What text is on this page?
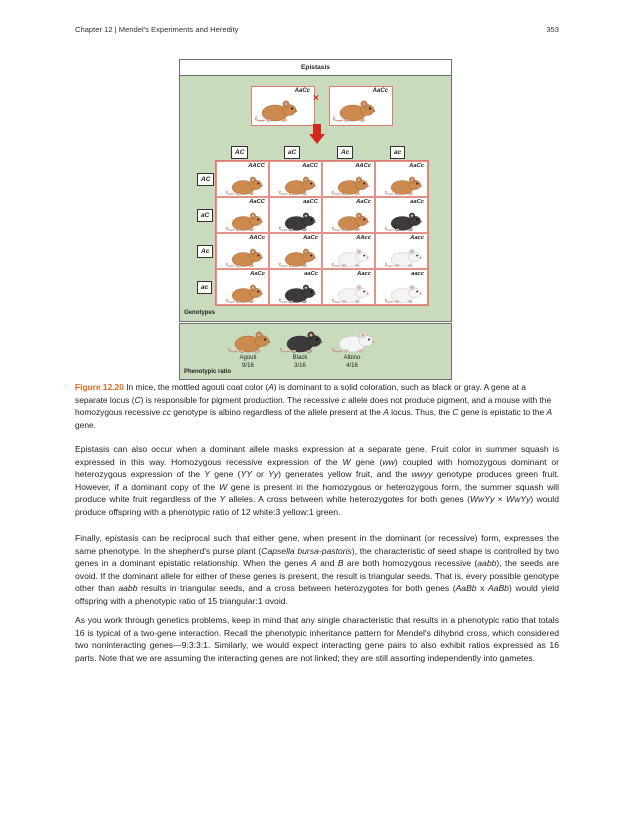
Chapter 12 | Mendel's Experiments and Heredity	353
Epistasis
AaCc
×
AaCc
AC	aC	Ac	ac
AC
aC
Ac
ac
AACC	AaCC	AACc	AaCc
AaCC	aaCC	AaCc	aaCc
AACc	AaCc	AAcc	Aacc
AaCc	aaCc	Aacc	aacc
Genotypes
Agouti
9/16
Black
3/16
Albino
4/16
Phenotypic ratio
Figure 12.20 In mice, the mottled agouti coat color (A) is dominant to a solid coloration, such as black or gray. A gene at a separate locus (C) is responsible for pigment production. The recessive c allele does not produce pigment, and a mouse with the homozygous recessive cc genotype is albino regardless of the allele present at the A locus. Thus, the C gene is epistatic to the A gene.

Epistasis can also occur when a dominant allele masks expression at a separate gene. Fruit color in summer squash is expressed in this way. Homozygous recessive expression of the W gene (ww) coupled with homozygous dominant or heterozygous expression of the Y gene (YY or Yy) generates yellow fruit, and the wwyy genotype produces green fruit. However, if a dominant copy of the W gene is present in the homozygous or heterozygous form, the summer squash will produce white fruit regardless of the Y alleles. A cross between white heterozygotes for both genes (WwYy × WwYy) would produce offspring with a phenotypic ratio of 12 white:3 yellow:1 green.

Finally, epistasis can be reciprocal such that either gene, when present in the dominant (or recessive) form, expresses the same phenotype. In the shepherd's purse plant (Capsella bursa-pastoris), the characteristic of seed shape is controlled by two genes in a dominant epistatic relationship. When the genes A and B are both homozygous recessive (aabb), the seeds are ovoid. If the dominant allele for either of these genes is present, the result is triangular seeds. That is, every possible genotype other than aabb results in triangular seeds, and a cross between heterozygotes for both genes (AaBb x AaBb) would yield offspring with a phenotypic ratio of 15 triangular:1 ovoid.

As you work through genetics problems, keep in mind that any single characteristic that results in a phenotypic ratio that totals 16 is typical of a two-gene interaction. Recall the phenotypic inheritance pattern for Mendel's dihybrid cross, which considered two noninteracting genes—9:3:3:1. Similarly, we would expect interacting gene pairs to also exhibit ratios expressed as 16 parts. Note that we are assuming the interacting genes are not linked; they are still assorting independently into gametes.
